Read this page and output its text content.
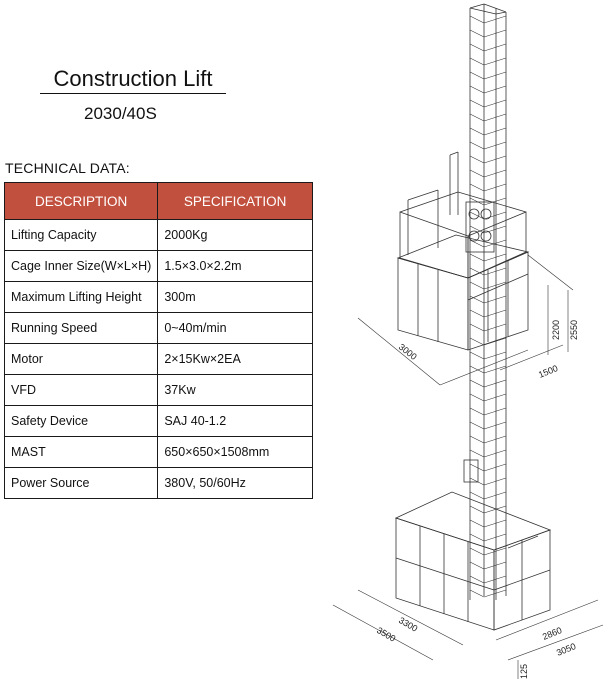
Construction Lift
2030/40S
TECHNICAL DATA:
DESCRIPTION	SPECIFICATION
Lifting Capacity	2000Kg
Cage Inner Size(W×L×H)	1.5×3.0×2.2m
Maximum Lifting Height	300m
Running Speed	0~40m/min
Motor	2×15Kw×2EA
VFD	37Kw
Safety Device	SAJ 40-1.2
MAST	650×650×1508mm
Power Source	380V, 50/60Hz
3000
1500
2200 2550
3300
3500	2860
3050
125
